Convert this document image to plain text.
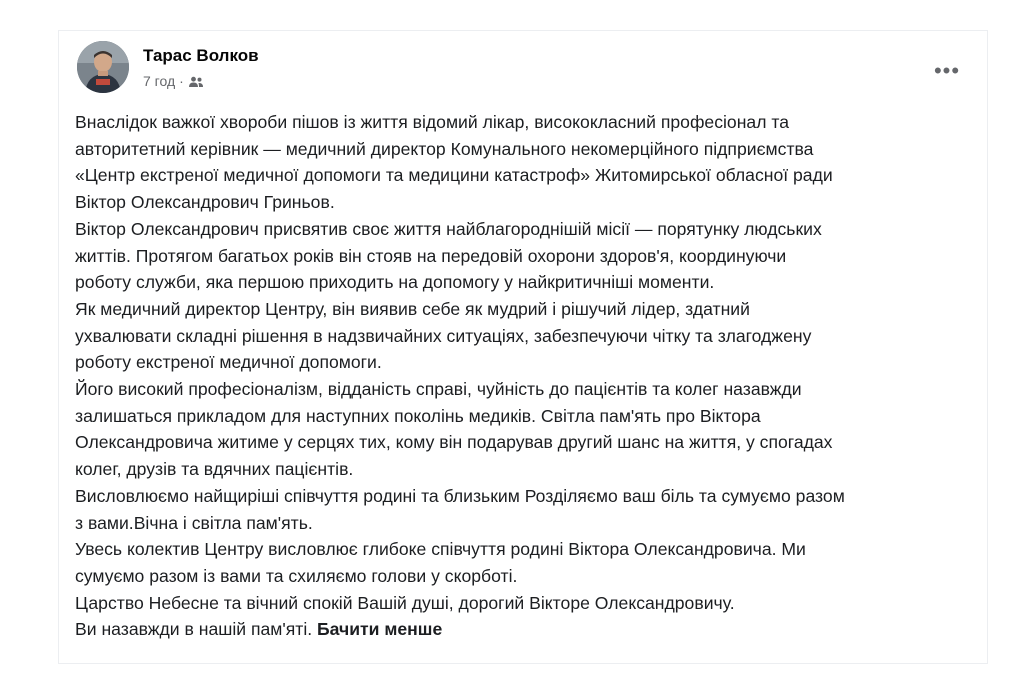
Тарас Волков
7 год ·	•••
Внаслідок важкої хвороби пішов із життя відомий лікар, висококласний професіонал та
авторитетний керівник — медичний директор Комунального некомерційного підприємства
«Центр екстреної медичної допомоги та медицини катастроф» Житомирської обласної ради
Віктор Олександрович Гриньов.
Віктор Олександрович присвятив своє життя найблагороднішій місії — порятунку людських
життів. Протягом багатьох років він стояв на передовій охорони здоров'я, координуючи
роботу служби, яка першою приходить на допомогу у найкритичніші моменти.
Як медичний директор Центру, він виявив себе як мудрий і рішучий лідер, здатний
ухвалювати складні рішення в надзвичайних ситуаціях, забезпечуючи чітку та злагоджену
роботу екстреної медичної допомоги.
Його високий професіоналізм, відданість справі, чуйність до пацієнтів та колег назавжди
залишаться прикладом для наступних поколінь медиків. Світла пам'ять про Віктора
Олександровича житиме у серцях тих, кому він подарував другий шанс на життя, у спогадах
колег, друзів та вдячних пацієнтів.
Висловлюємо найщиріші співчуття родині та близьким Розділяємо ваш біль та сумуємо разом
з вами.Вічна і світла пам'ять.
Увесь колектив Центру висловлює глибоке співчуття родині Віктора Олександровича. Ми
сумуємо разом із вами та схиляємо голови у скорботі.
Царство Небесне та вічний спокій Вашій душі, дорогий Вікторе Олександровичу.
Ви назавжди в нашій пам'яті. Бачити менше
